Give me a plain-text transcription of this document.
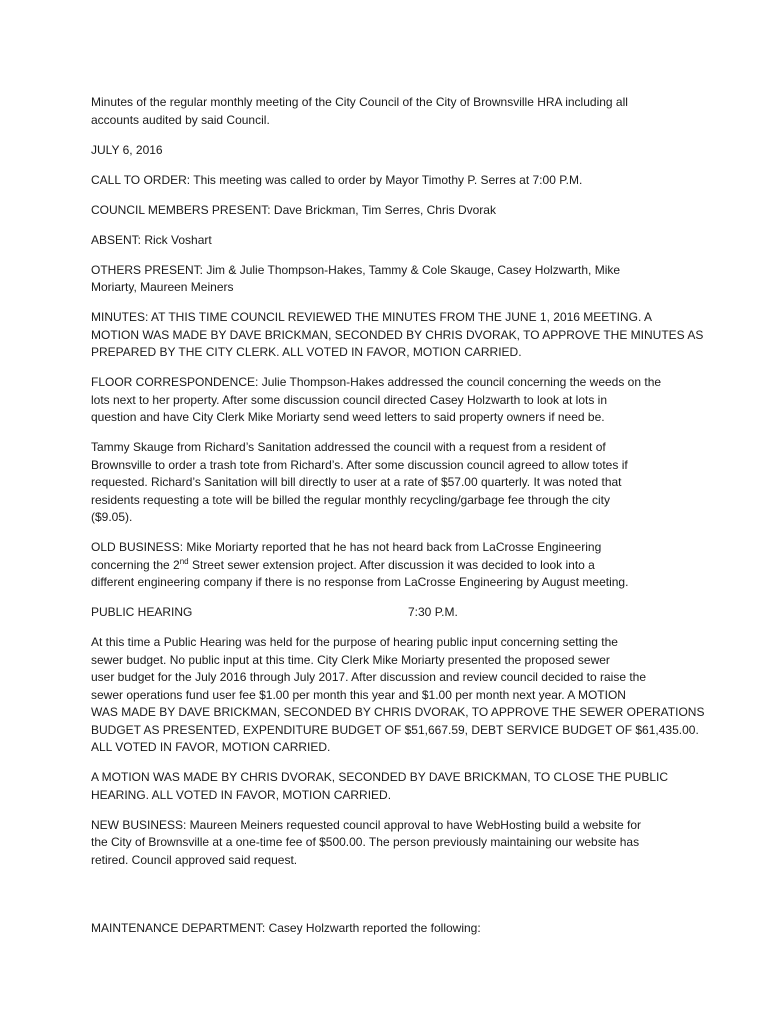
Minutes of the regular monthly meeting of the City Council of the City of Brownsville HRA including all
accounts audited by said Council.
JULY 6, 2016
CALL TO ORDER: This meeting was called to order by Mayor Timothy P. Serres at 7:00 P.M.
COUNCIL MEMBERS PRESENT: Dave Brickman, Tim Serres, Chris Dvorak
ABSENT: Rick Voshart
OTHERS PRESENT: Jim & Julie Thompson-Hakes, Tammy & Cole Skauge, Casey Holzwarth, Mike
Moriarty, Maureen Meiners
MINUTES: AT THIS TIME COUNCIL REVIEWED THE MINUTES FROM THE JUNE 1, 2016 MEETING. A
MOTION WAS MADE BY DAVE BRICKMAN, SECONDED BY CHRIS DVORAK, TO APPROVE THE MINUTES AS
PREPARED BY THE CITY CLERK. ALL VOTED IN FAVOR, MOTION CARRIED.
FLOOR CORRESPONDENCE: Julie Thompson-Hakes addressed the council concerning the weeds on the
lots next to her property. After some discussion council directed Casey Holzwarth to look at lots in
question and have City Clerk Mike Moriarty send weed letters to said property owners if need be.
Tammy Skauge from Richard’s Sanitation addressed the council with a request from a resident of
Brownsville to order a trash tote from Richard’s. After some discussion council agreed to allow totes if
requested. Richard’s Sanitation will bill directly to user at a rate of $57.00 quarterly. It was noted that
residents requesting a tote will be billed the regular monthly recycling/garbage fee through the city
($9.05).
OLD BUSINESS: Mike Moriarty reported that he has not heard back from LaCrosse Engineering
concerning the 2nd Street sewer extension project. After discussion it was decided to look into a
different engineering company if there is no response from LaCrosse Engineering by August meeting.
PUBLIC HEARING	7:30 P.M.
At this time a Public Hearing was held for the purpose of hearing public input concerning setting the
sewer budget. No public input at this time. City Clerk Mike Moriarty presented the proposed sewer
user budget for the July 2016 through July 2017. After discussion and review council decided to raise the
sewer operations fund user fee $1.00 per month this year and $1.00 per month next year. A MOTION
WAS MADE BY DAVE BRICKMAN, SECONDED BY CHRIS DVORAK, TO APPROVE THE SEWER OPERATIONS
BUDGET AS PRESENTED, EXPENDITURE BUDGET OF $51,667.59, DEBT SERVICE BUDGET OF $61,435.00.
ALL VOTED IN FAVOR, MOTION CARRIED.
A MOTION WAS MADE BY CHRIS DVORAK, SECONDED BY DAVE BRICKMAN, TO CLOSE THE PUBLIC
HEARING. ALL VOTED IN FAVOR, MOTION CARRIED.
NEW BUSINESS: Maureen Meiners requested council approval to have WebHosting build a website for
the City of Brownsville at a one-time fee of $500.00. The person previously maintaining our website has
retired. Council approved said request.
MAINTENANCE DEPARTMENT: Casey Holzwarth reported the following:
